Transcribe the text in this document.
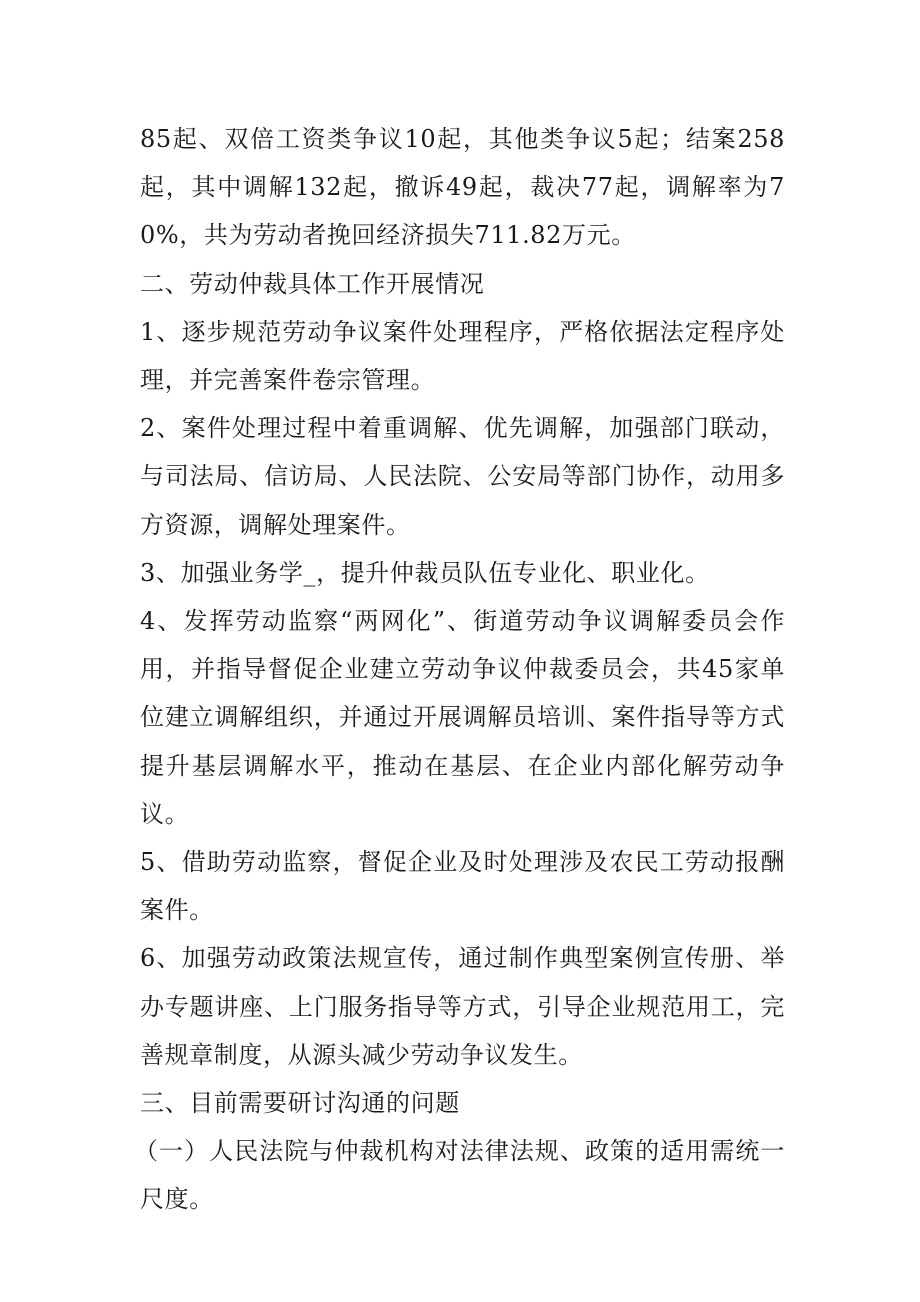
85起、双倍工资类争议10起，其他类争议5起；结案258起，其中调解132起，撤诉49起，裁决77起，调解率为70%，共为劳动者挽回经济损失711.82万元。

二、劳动仲裁具体工作开展情况

1、逐步规范劳动争议案件处理程序，严格依据法定程序处理，并完善案件卷宗管理。

2、案件处理过程中着重调解、优先调解，加强部门联动，与司法局、信访局、人民法院、公安局等部门协作，动用多方资源，调解处理案件。

3、加强业务学_，提升仲裁员队伍专业化、职业化。

4、发挥劳动监察“两网化”、街道劳动争议调解委员会作用，并指导督促企业建立劳动争议仲裁委员会，共45家单位建立调解组织，并通过开展调解员培训、案件指导等方式提升基层调解水平，推动在基层、在企业内部化解劳动争议。

5、借助劳动监察，督促企业及时处理涉及农民工劳动报酬案件。

6、加强劳动政策法规宣传，通过制作典型案例宣传册、举办专题讲座、上门服务指导等方式，引导企业规范用工，完善规章制度，从源头减少劳动争议发生。

三、目前需要研讨沟通的问题

（一）人民法院与仲裁机构对法律法规、政策的适用需统一尺度。
